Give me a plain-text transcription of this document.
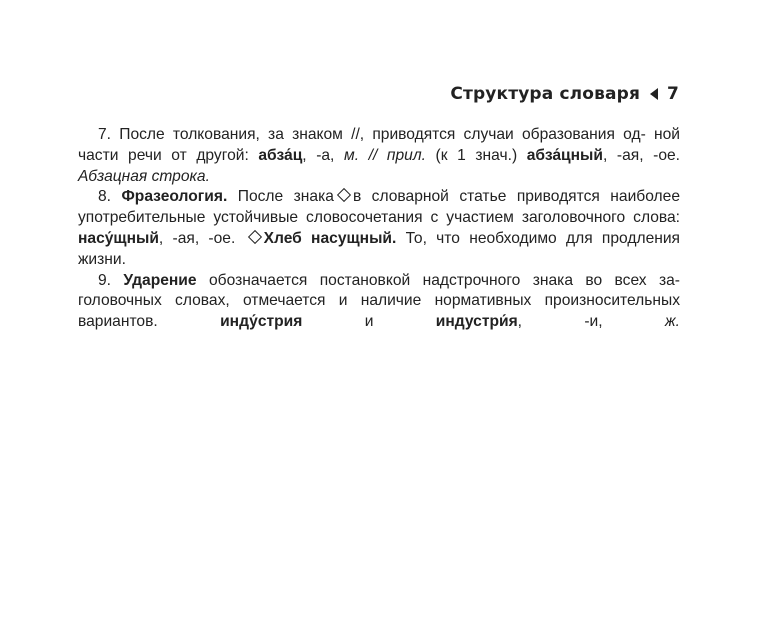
Структура словаря 7

7. После толкования, за знаком //, приводятся случаи образования од- ной части речи от другой: абза́ц, -а, м. // прил. (к 1 знач.) абза́цный, -ая, -ое. Абзацная строка.

8. Фразеология. После знака в словарной статье приводятся наиболее употребительные устойчивые словосочетания с участием заголовочного слова: насу́щный, -ая, -ое. Хлеб насущный. То, что необходимо для продления жизни.

9. Ударение обозначается постановкой надстрочного знака во всех за- головочных словах, отмечается и наличие нормативных произносительных вариантов.	инду́стрия	и	индустри́я, -и,	ж.
